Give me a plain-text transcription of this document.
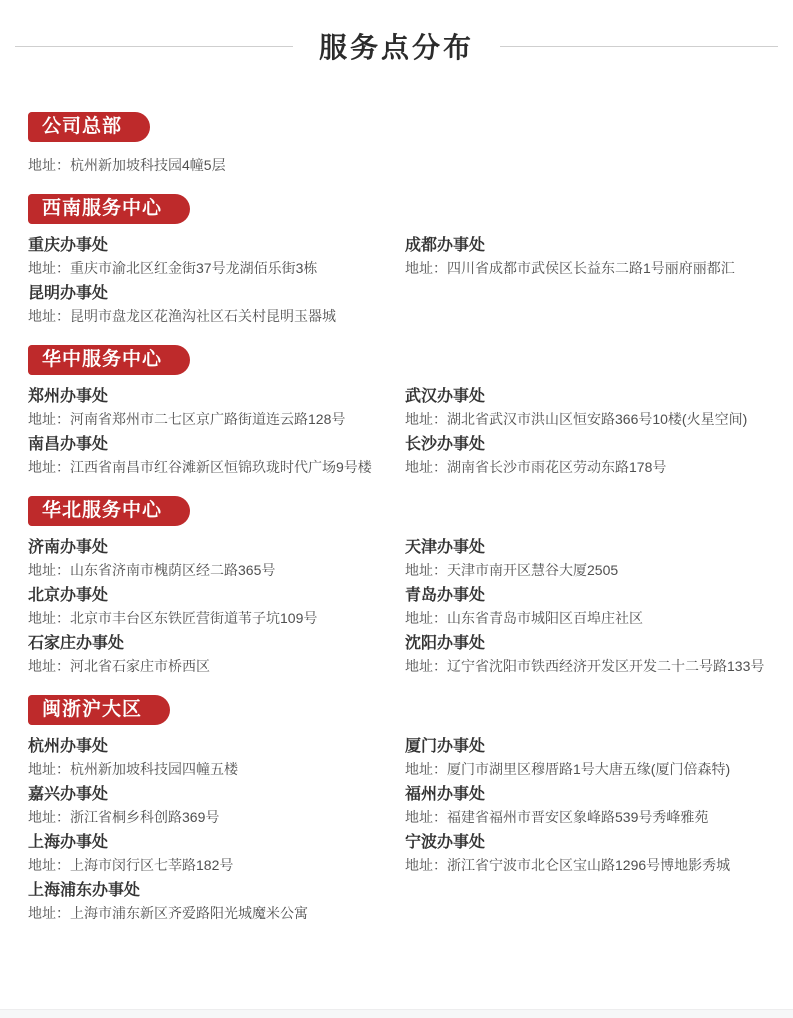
服务点分布
公司总部
地址：杭州新加坡科技园4幢5层
西南服务中心
重庆办事处
地址：重庆市渝北区红金街37号龙湖佰乐街3栋
昆明办事处
地址：昆明市盘龙区花渔沟社区石关村昆明玉器城
成都办事处
地址：四川省成都市武侯区长益东二路1号丽府丽都汇
华中服务中心
郑州办事处
地址：河南省郑州市二七区京广路街道连云路128号
南昌办事处
地址：江西省南昌市红谷滩新区恒锦玖珑时代广场9号楼
武汉办事处
地址：湖北省武汉市洪山区恒安路366号10楼(火星空间)
长沙办事处
地址：湖南省长沙市雨花区劳动东路178号
华北服务中心
济南办事处
地址：山东省济南市槐荫区经二路365号
北京办事处
地址：北京市丰台区东铁匠营街道苇子坑109号
石家庄办事处
地址：河北省石家庄市桥西区
天津办事处
地址：天津市南开区慧谷大厦2505
青岛办事处
地址：山东省青岛市城阳区百埠庄社区
沈阳办事处
地址：辽宁省沈阳市铁西经济开发区开发二十二号路133号
闽浙沪大区
杭州办事处
地址：杭州新加坡科技园四幢五楼
嘉兴办事处
地址：浙江省桐乡科创路369号
上海办事处
地址：上海市闵行区七莘路182号
上海浦东办事处
地址：上海市浦东新区齐爱路阳光城魔米公寓
厦门办事处
地址：厦门市湖里区穆厝路1号大唐五缘(厦门倍森特)
福州办事处
地址：福建省福州市晋安区象峰路539号秀峰雅苑
宁波办事处
地址：浙江省宁波市北仑区宝山路1296号博地影秀城
